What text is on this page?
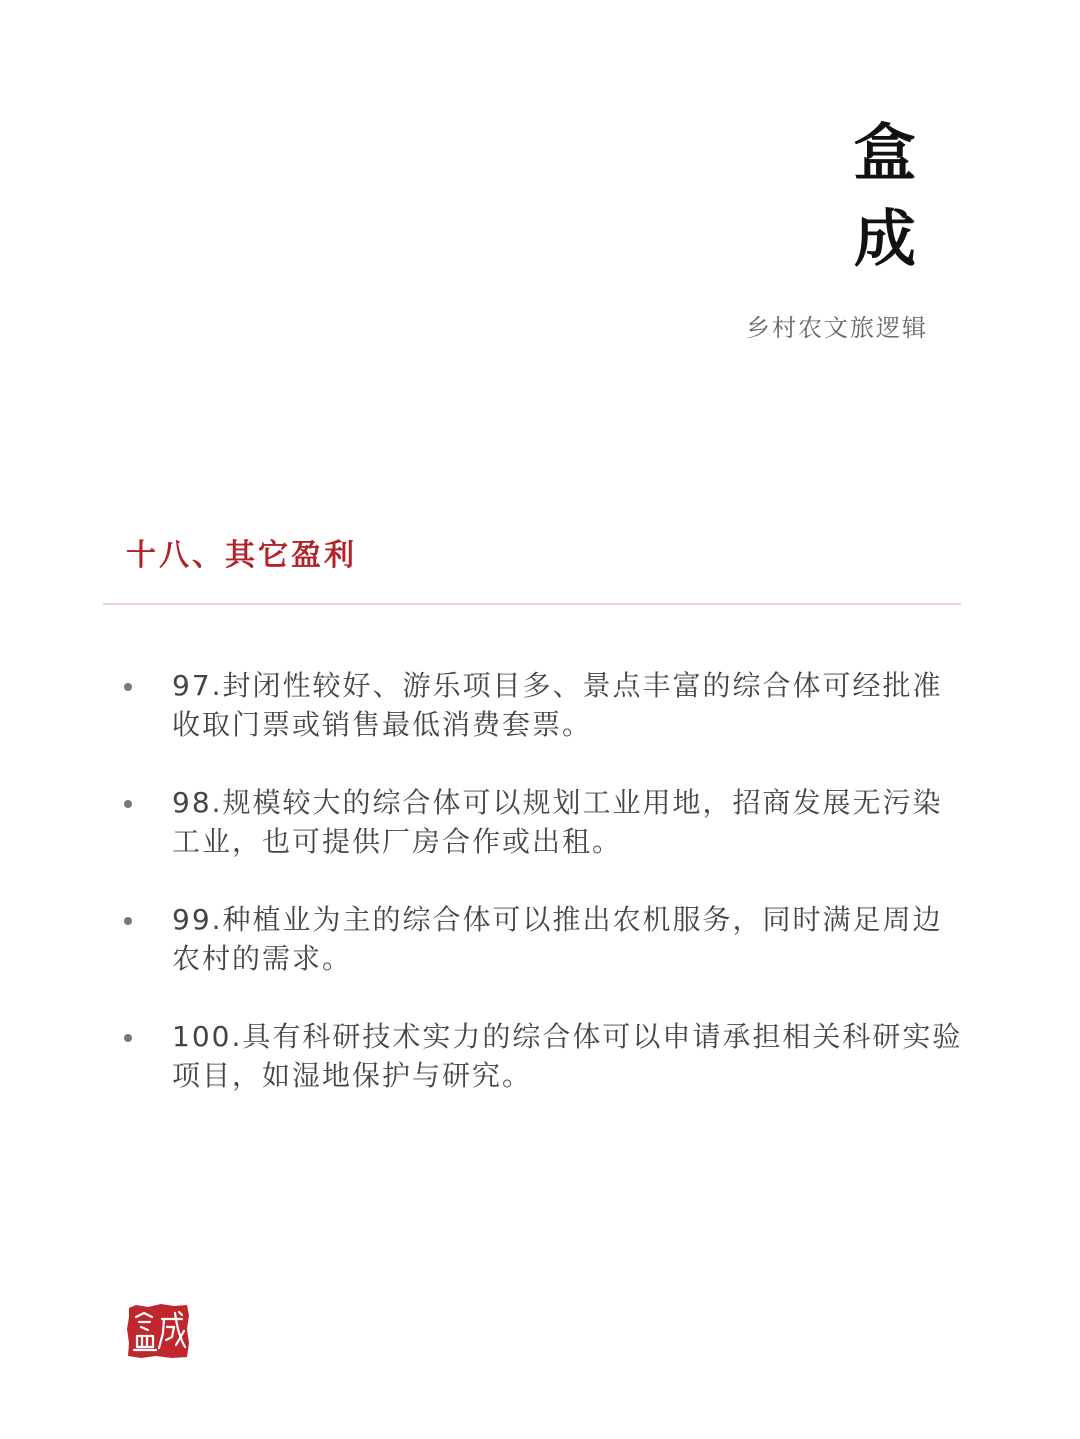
盒
成
乡村农文旅逻辑
十八、其它盈利
97.封闭性较好、游乐项目多、景点丰富的综合体可经批准收取门票或销售最低消费套票。
98.规模较大的综合体可以规划工业用地，招商发展无污染工业，也可提供厂房合作或出租。
99.种植业为主的综合体可以推出农机服务，同时满足周边农村的需求。
100.具有科研技术实力的综合体可以申请承担相关科研实验项目，如湿地保护与研究。
